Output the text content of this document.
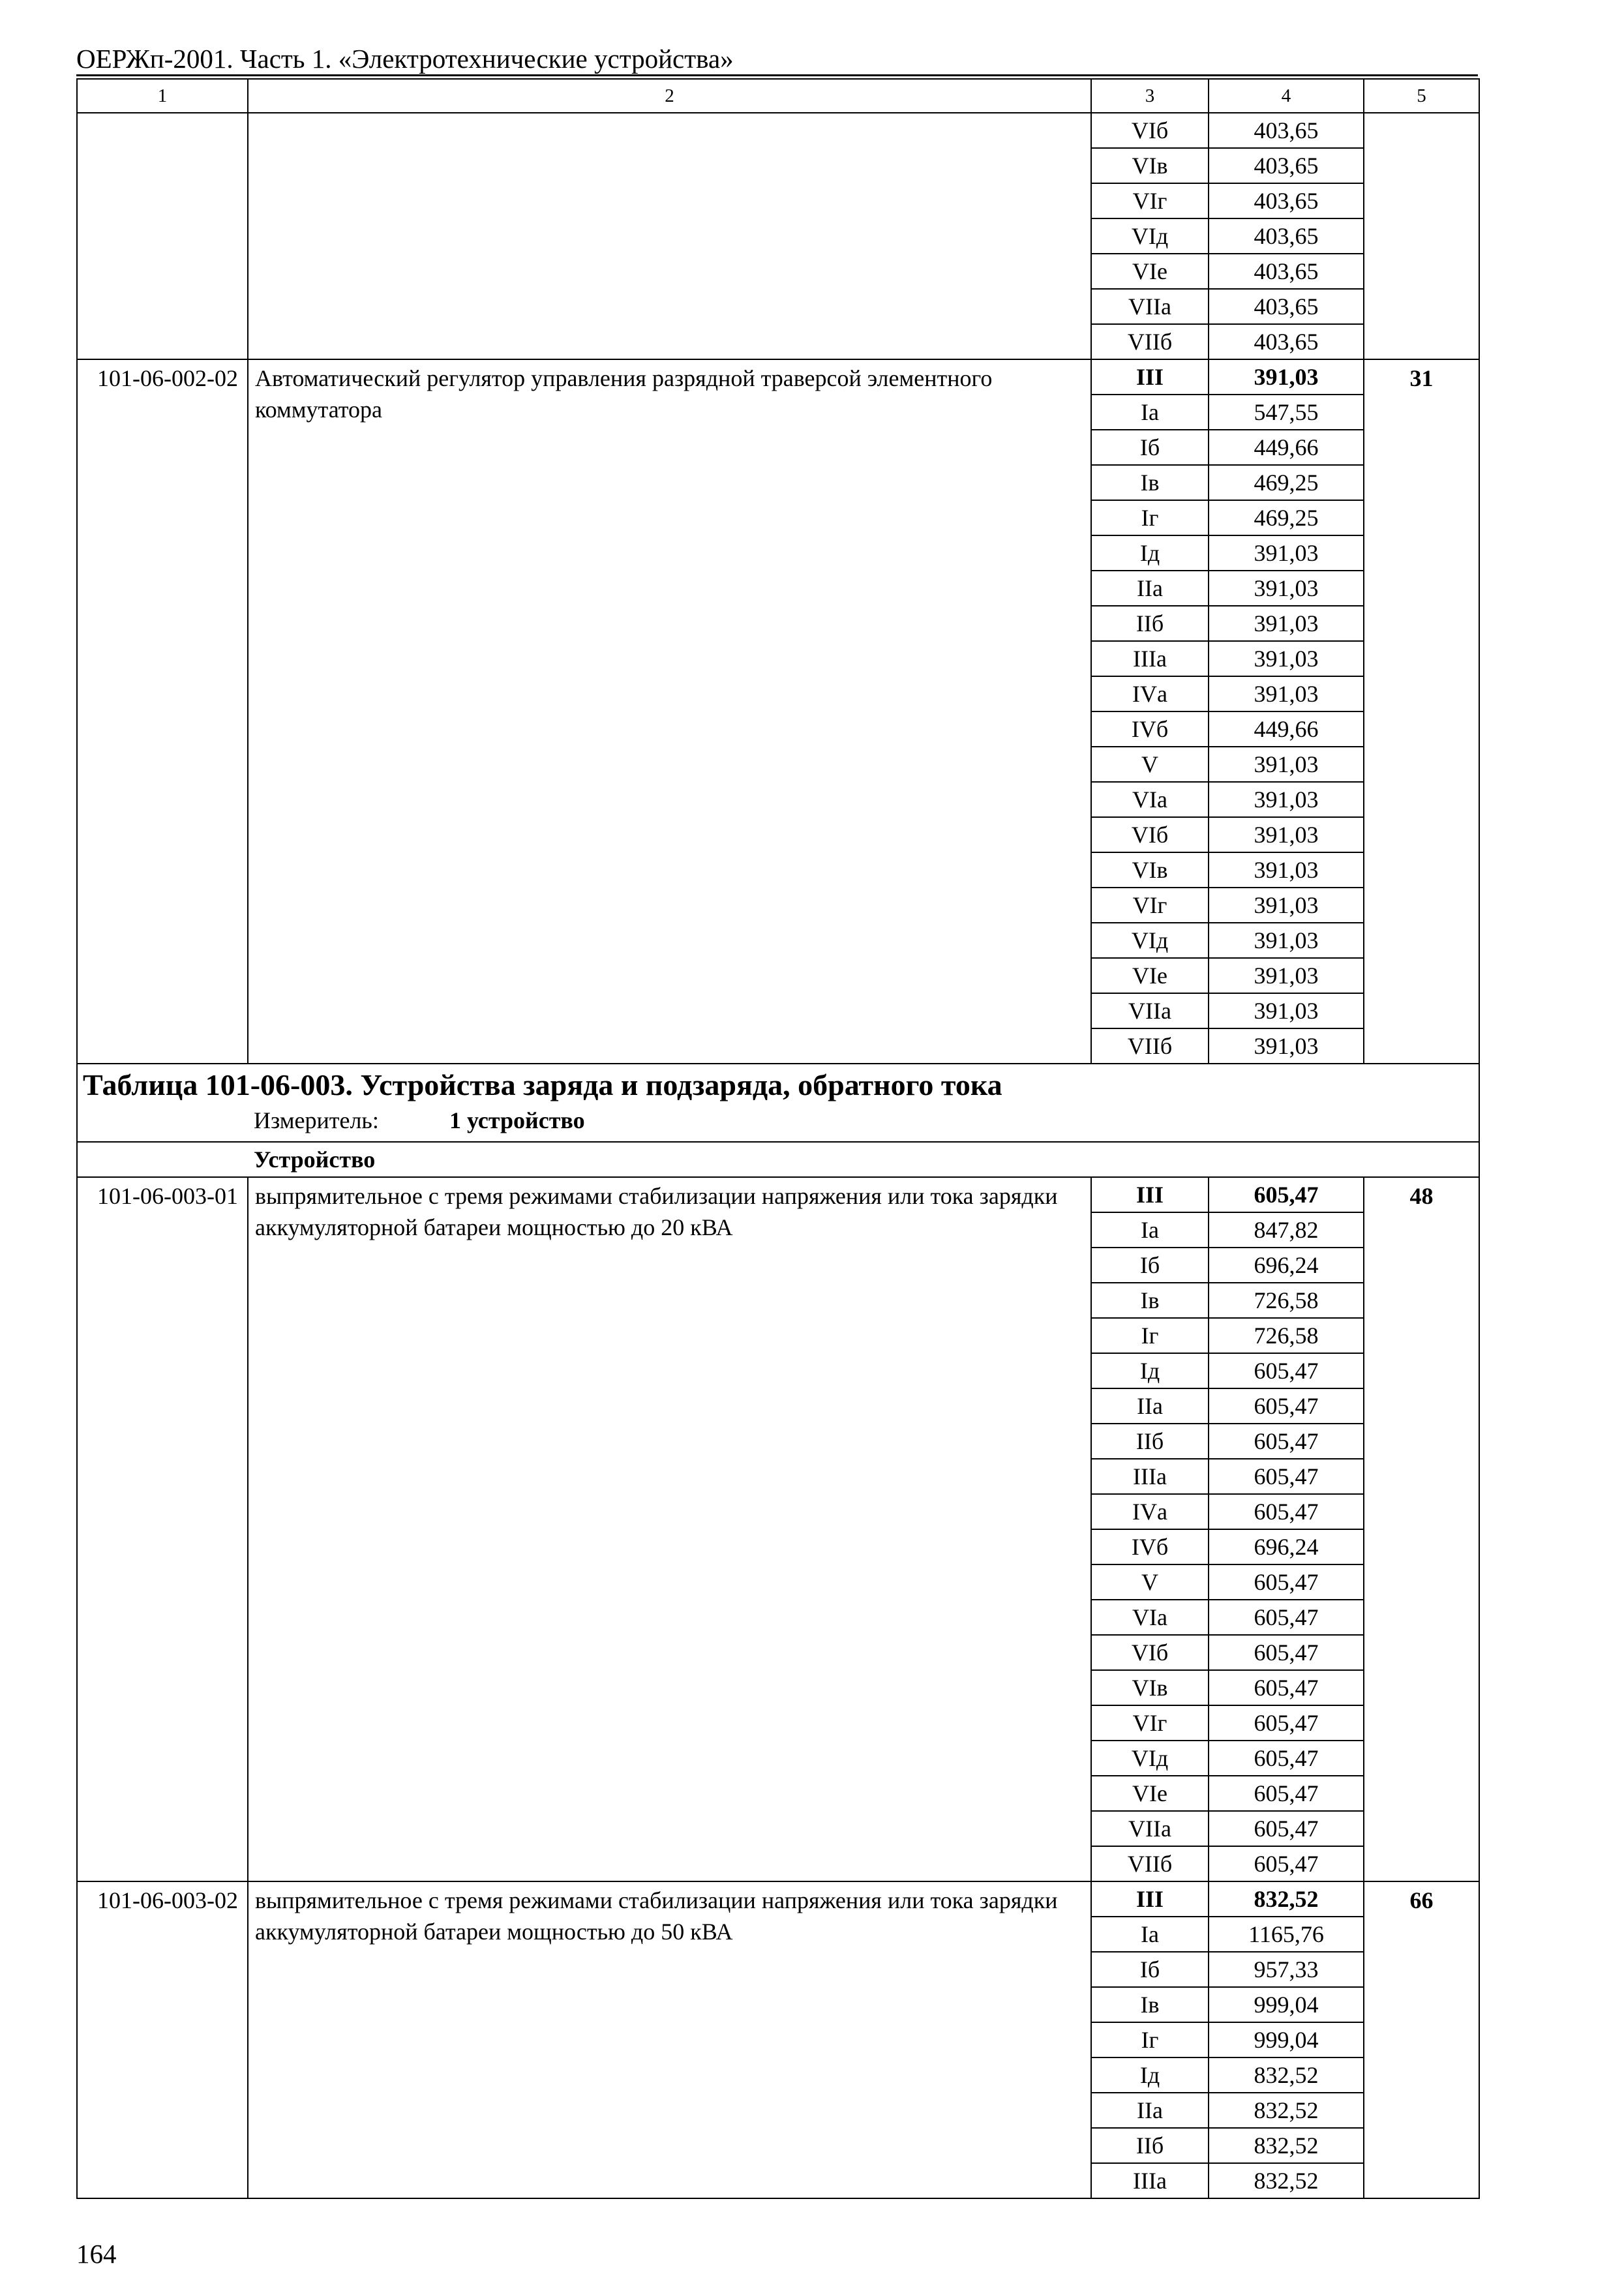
ОЕРЖп-2001. Часть 1. «Электротехнические устройства»
1	2	3	4	5
		VIб	403,65	
		VIв	403,65	
		VIг	403,65	
		VIд	403,65	
		VIе	403,65	
		VIIа	403,65	
		VIIб	403,65	
101-06-002-02	Автоматический регулятор управления разрядной траверсой элементного коммутатора	III	391,03	31
		Iа	547,55	
		Iб	449,66	
		Iв	469,25	
		Iг	469,25	
		Iд	391,03	
		IIа	391,03	
		IIб	391,03	
		IIIа	391,03	
		IVа	391,03	
		IVб	449,66	
		V	391,03	
		VIа	391,03	
		VIб	391,03	
		VIв	391,03	
		VIг	391,03	
		VIд	391,03	
		VIе	391,03	
		VIIа	391,03	
		VIIб	391,03	

Таблица 101-06-003. Устройства заряда и подзаряда, обратного тока
Измеритель: 1 устройство				

Устройство				

101-06-003-01	выпрямительное с тремя режимами стабилизации напряжения или тока зарядки аккумуляторной батареи мощностью до 20 кВА	III	605,47	48
		Iа	847,82	
		Iб	696,24	
		Iв	726,58	
		Iг	726,58	
		Iд	605,47	
		IIа	605,47	
		IIб	605,47	
		IIIа	605,47	
		IVа	605,47	
		IVб	696,24	
		V	605,47	
		VIа	605,47	
		VIб	605,47	
		VIв	605,47	
		VIг	605,47	
		VIд	605,47	
		VIе	605,47	
		VIIа	605,47	
		VIIб	605,47	
101-06-003-02	выпрямительное с тремя режимами стабилизации напряжения или тока зарядки аккумуляторной батареи мощностью до 50 кВА	III	832,52	66
		Iа	1165,76	
		Iб	957,33	
		Iв	999,04	
		Iг	999,04	
		Iд	832,52	
		IIа	832,52	
		IIб	832,52	
		IIIа	832,52	
164
